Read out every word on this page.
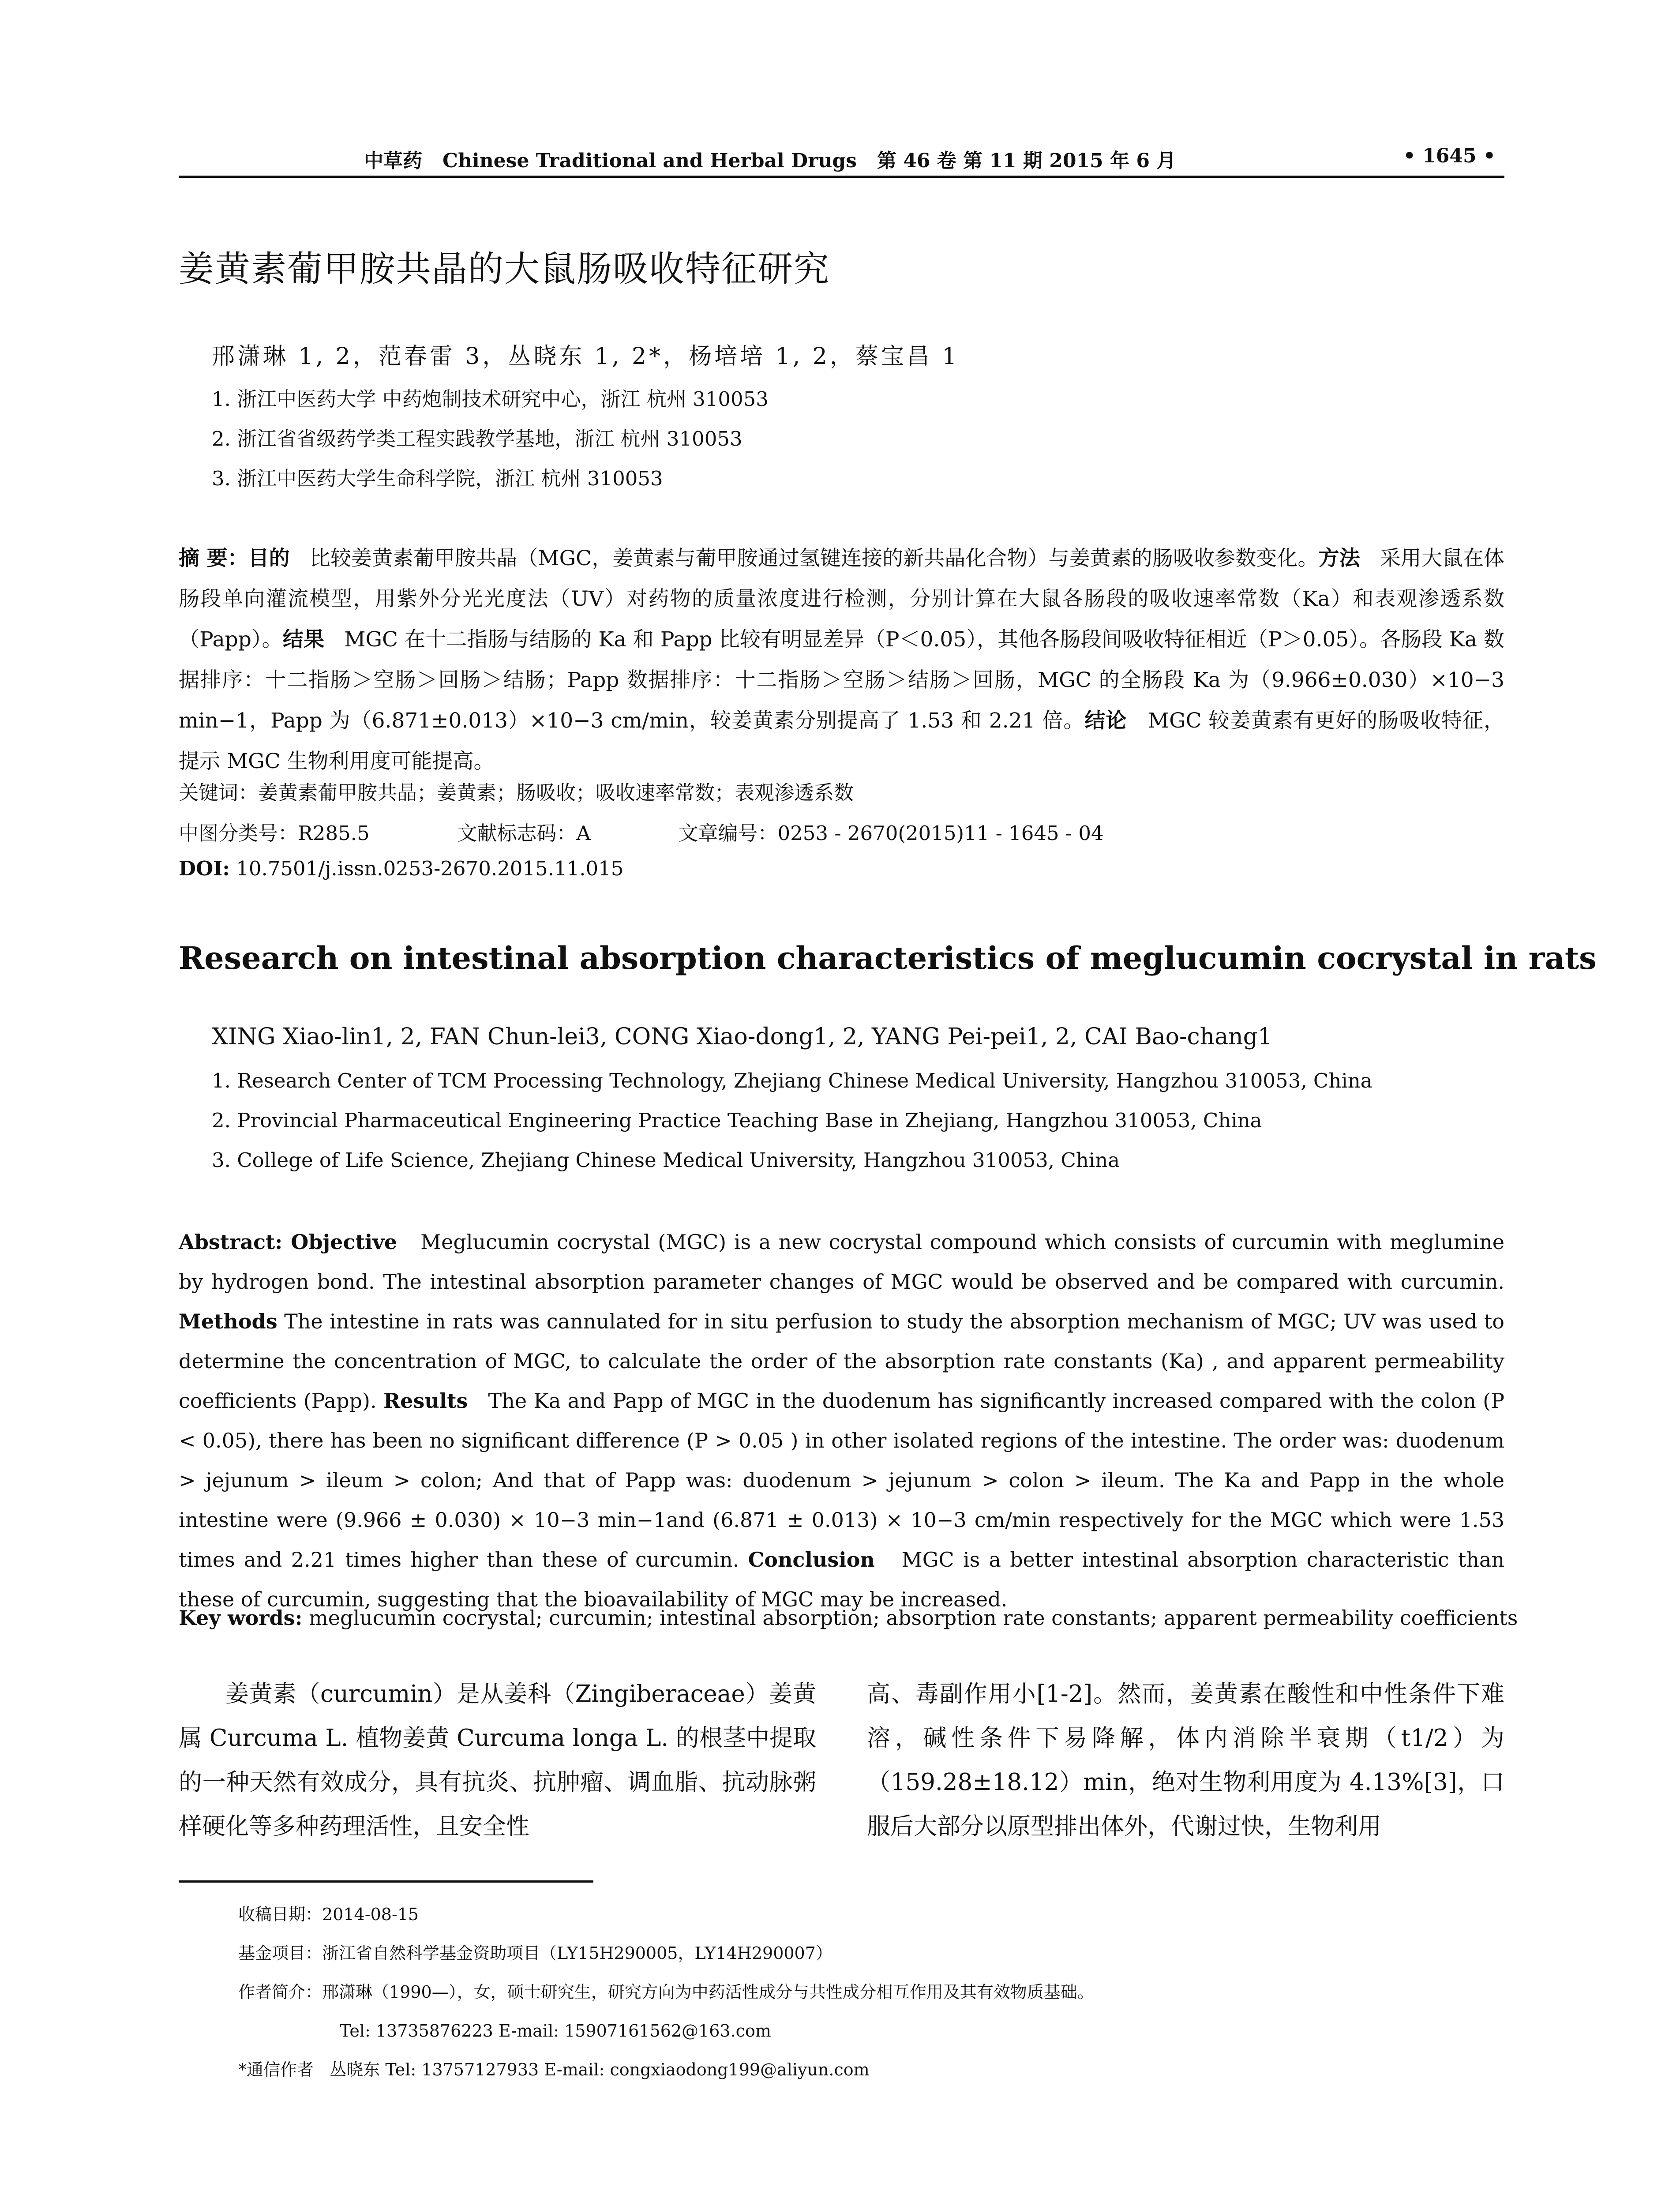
中草药 Chinese Traditional and Herbal Drugs 第 46 卷 第 11 期 2015 年 6 月	• 1645 •
姜黄素葡甲胺共晶的大鼠肠吸收特征研究
邢潇琳 1, 2，范春雷 3，丛晓东 1, 2*，杨培培 1, 2，蔡宝昌 1
1. 浙江中医药大学 中药炮制技术研究中心，浙江 杭州 310053
2. 浙江省省级药学类工程实践教学基地，浙江 杭州 310053
3. 浙江中医药大学生命科学院，浙江 杭州 310053
摘 要：目的 比较姜黄素葡甲胺共晶（MGC，姜黄素与葡甲胺通过氢键连接的新共晶化合物）与姜黄素的肠吸收参数变化。方法 采用大鼠在体肠段单向灌流模型，用紫外分光光度法（UV）对药物的质量浓度进行检测，分别计算在大鼠各肠段的吸收速率常数（Ka）和表观渗透系数（Papp）。结果 MGC 在十二指肠与结肠的 Ka 和 Papp 比较有明显差异（P＜0.05），其他各肠段间吸收特征相近（P＞0.05）。各肠段 Ka 数据排序：十二指肠＞空肠＞回肠＞结肠；Papp 数据排序：十二指肠＞空肠＞结肠＞回肠，MGC 的全肠段 Ka 为（9.966±0.030）×10−3 min−1，Papp 为（6.871±0.013）×10−3 cm/min，较姜黄素分别提高了 1.53 和 2.21 倍。结论 MGC 较姜黄素有更好的肠吸收特征，提示 MGC 生物利用度可能提高。
关键词：姜黄素葡甲胺共晶；姜黄素；肠吸收；吸收速率常数；表观渗透系数
中图分类号：R285.5	文献标志码：A	文章编号：0253 - 2670(2015)11 - 1645 - 04
DOI: 10.7501/j.issn.0253-2670.2015.11.015
Research on intestinal absorption characteristics of meglucumin cocrystal in rats
XING Xiao-lin1, 2, FAN Chun-lei3, CONG Xiao-dong1, 2, YANG Pei-pei1, 2, CAI Bao-chang1
1. Research Center of TCM Processing Technology, Zhejiang Chinese Medical University, Hangzhou 310053, China
2. Provincial Pharmaceutical Engineering Practice Teaching Base in Zhejiang, Hangzhou 310053, China
3. College of Life Science, Zhejiang Chinese Medical University, Hangzhou 310053, China
Abstract: Objective Meglucumin cocrystal (MGC) is a new cocrystal compound which consists of curcumin with meglumine by hydrogen bond. The intestinal absorption parameter changes of MGC would be observed and be compared with curcumin. Methods The intestine in rats was cannulated for in situ perfusion to study the absorption mechanism of MGC; UV was used to determine the concentration of MGC, to calculate the order of the absorption rate constants (Ka) , and apparent permeability coefficients (Papp). Results The Ka and Papp of MGC in the duodenum has significantly increased compared with the colon (P < 0.05), there has been no significant difference (P > 0.05 ) in other isolated regions of the intestine. The order was: duodenum > jejunum > ileum > colon; And that of Papp was: duodenum > jejunum > colon > ileum. The Ka and Papp in the whole intestine were (9.966 ± 0.030) × 10−3 min−1and (6.871 ± 0.013) × 10−3 cm/min respectively for the MGC which were 1.53 times and 2.21 times higher than these of curcumin. Conclusion MGC is a better intestinal absorption characteristic than these of curcumin, suggesting that the bioavailability of MGC may be increased.
Key words: meglucumin cocrystal; curcumin; intestinal absorption; absorption rate constants; apparent permeability coefficients
姜黄素（curcumin）是从姜科（Zingiberaceae）姜黄属 Curcuma L. 植物姜黄 Curcuma longa L. 的根茎中提取的一种天然有效成分，具有抗炎、抗肿瘤、调血脂、抗动脉粥样硬化等多种药理活性，且安全性
高、毒副作用小[1-2]。然而，姜黄素在酸性和中性条件下难溶，碱性条件下易降解，体内消除半衰期（t1/2）为（159.28±18.12）min，绝对生物利用度为 4.13%[3]，口服后大部分以原型排出体外，代谢过快，生物利用
收稿日期：2014-08-15
基金项目：浙江省自然科学基金资助项目（LY15H290005，LY14H290007）
作者简介：邢潇琳（1990—），女，硕士研究生，研究方向为中药活性成分与共性成分相互作用及其有效物质基础。
Tel: 13735876223 E-mail: 15907161562@163.com
*通信作者 丛晓东 Tel: 13757127933 E-mail: congxiaodong199@aliyun.com
